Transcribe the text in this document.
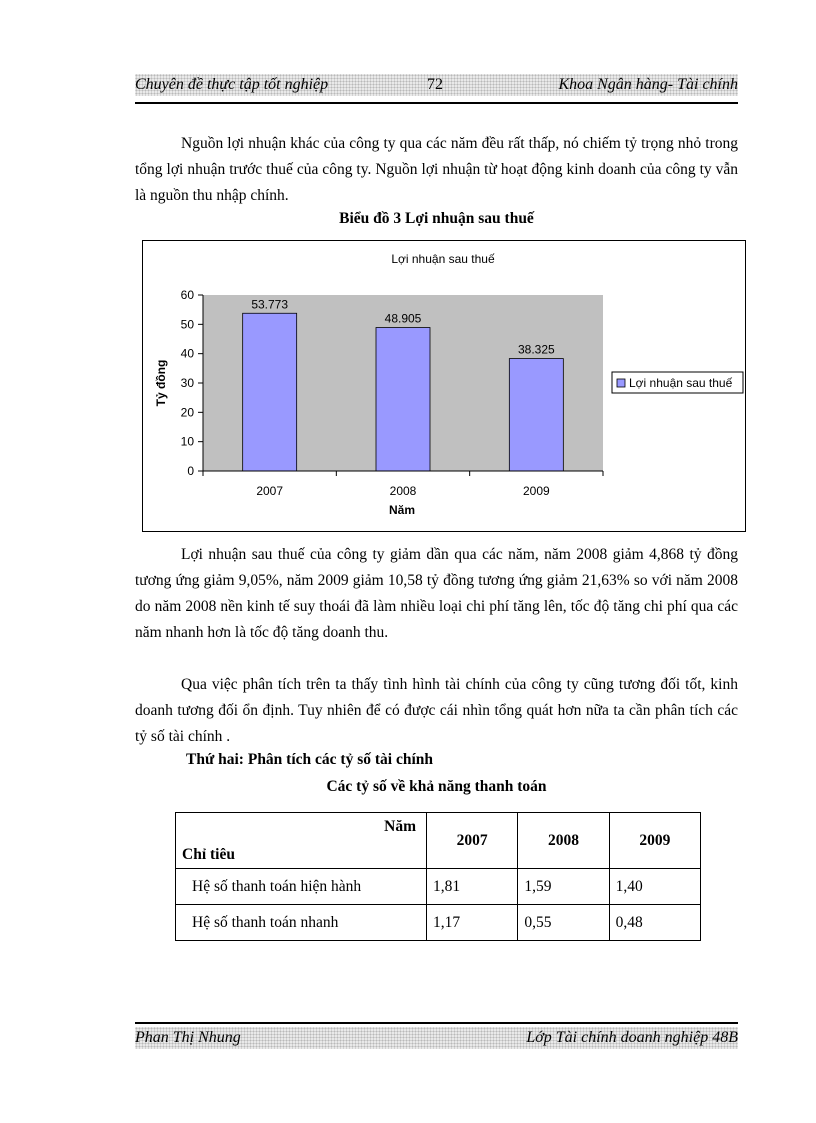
Chuyên đề thực tập tốt nghiệp	72	Khoa Ngân hàng- Tài chính

Nguồn lợi nhuận khác của công ty qua các năm đều rất thấp, nó chiếm tỷ trọng nhỏ trong tổng lợi nhuận trước thuế của công ty. Nguồn lợi nhuận từ hoạt động kinh doanh của công ty vẫn là nguồn thu nhập chính.

Biểu đồ 3 Lợi nhuận sau thuế
Lợi nhuận sau thuế
0
10
20
30
40
50
60
53.773
48.905
38.325
2007	2008	2009
Tỷ đồng
Năm
Lợi nhuận sau thuế

Lợi nhuận sau thuế của công ty giảm dần qua các năm, năm 2008 giảm 4,868 tỷ đồng tương ứng giảm 9,05%, năm 2009 giảm 10,58 tỷ đồng tương ứng giảm 21,63% so với năm 2008 do năm 2008 nền kinh tế suy thoái đã làm nhiều loại chi phí tăng lên, tốc độ tăng chi phí qua các năm nhanh hơn là tốc độ tăng doanh thu.

Qua việc phân tích trên ta thấy tình hình tài chính của công ty cũng tương đối tốt, kinh doanh tương đối ổn định. Tuy nhiên để có được cái nhìn tổng quát hơn nữa ta cần phân tích các tỷ số tài chính .

Thứ hai: Phân tích các tỷ số tài chính
Các tỷ số về khả năng thanh toán
Năm
Chỉ tiêu	2007	2008	2009
Hệ số thanh toán hiện hành	1,81	1,59	1,40
Hệ số thanh toán nhanh	1,17	0,55	0,48
Phan Thị Nhung	Lớp Tài chính doanh nghiệp 48B
